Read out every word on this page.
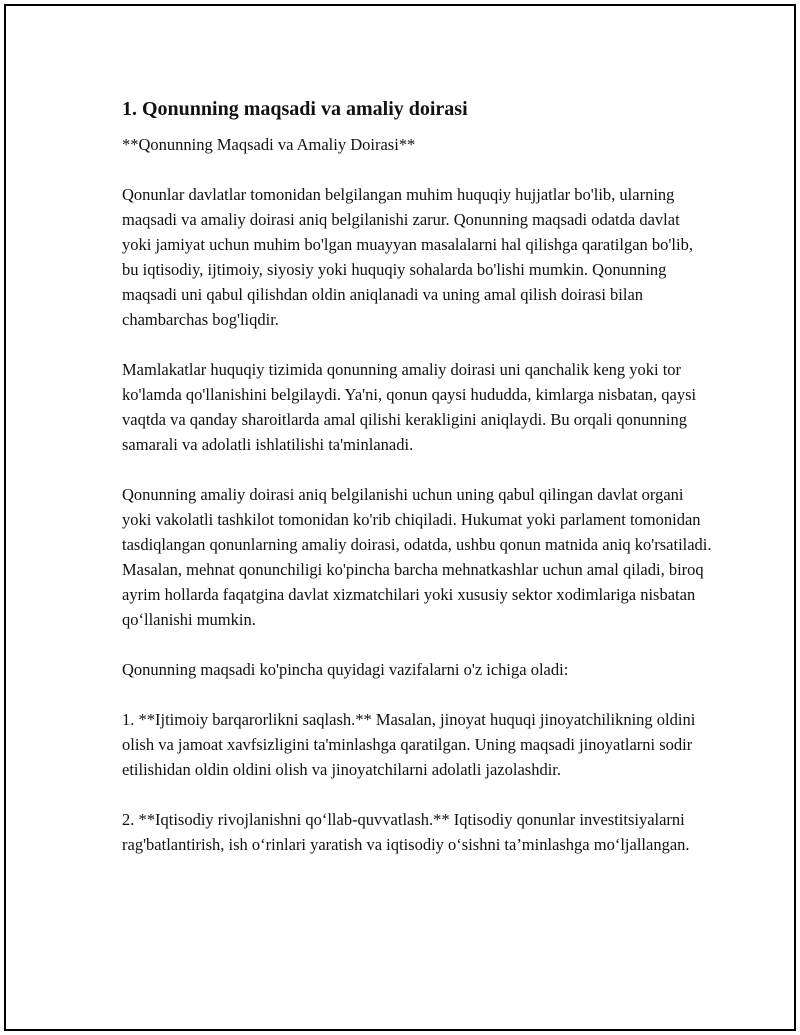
1. Qonunning maqsadi va amaliy doirasi
**Qonunning Maqsadi va Amaliy Doirasi**
Qonunlar davlatlar tomonidan belgilangan muhim huquqiy hujjatlar bo'lib, ularning maqsadi va amaliy doirasi aniq belgilanishi zarur. Qonunning maqsadi odatda davlat yoki jamiyat uchun muhim bo'lgan muayyan masalalarni hal qilishga qaratilgan bo'lib, bu iqtisodiy, ijtimoiy, siyosiy yoki huquqiy sohalarda bo'lishi mumkin. Qonunning maqsadi uni qabul qilishdan oldin aniqlanadi va uning amal qilish doirasi bilan chambarchas bog'liqdir.
Mamlakatlar huquqiy tizimida qonunning amaliy doirasi uni qanchalik keng yoki tor ko'lamda qo'llanishini belgilaydi. Ya'ni, qonun qaysi hududda, kimlarga nisbatan, qaysi vaqtda va qanday sharoitlarda amal qilishi kerakligini aniqlaydi. Bu orqali qonunning samarali va adolatli ishlatilishi ta'minlanadi.
Qonunning amaliy doirasi aniq belgilanishi uchun uning qabul qilingan davlat organi yoki vakolatli tashkilot tomonidan ko'rib chiqiladi. Hukumat yoki parlament tomonidan tasdiqlangan qonunlarning amaliy doirasi, odatda, ushbu qonun matnida aniq ko'rsatiladi. Masalan, mehnat qonunchiligi ko'pincha barcha mehnatkashlar uchun amal qiladi, biroq ayrim hollarda faqatgina davlat xizmatchilari yoki xususiy sektor xodimlariga nisbatan qo‘llanishi mumkin.
Qonunning maqsadi ko'pincha quyidagi vazifalarni o'z ichiga oladi:
1. **Ijtimoiy barqarorlikni saqlash.** Masalan, jinoyat huquqi jinoyatchilikning oldini olish va jamoat xavfsizligini ta'minlashga qaratilgan. Uning maqsadi jinoyatlarni sodir etilishidan oldin oldini olish va jinoyatchilarni adolatli jazolashdir.
2. **Iqtisodiy rivojlanishni qo‘llab-quvvatlash.** Iqtisodiy qonunlar investitsiyalarni rag'batlantirish, ish o‘rinlari yaratish va iqtisodiy o‘sishni ta’minlashga mo‘ljallangan.
